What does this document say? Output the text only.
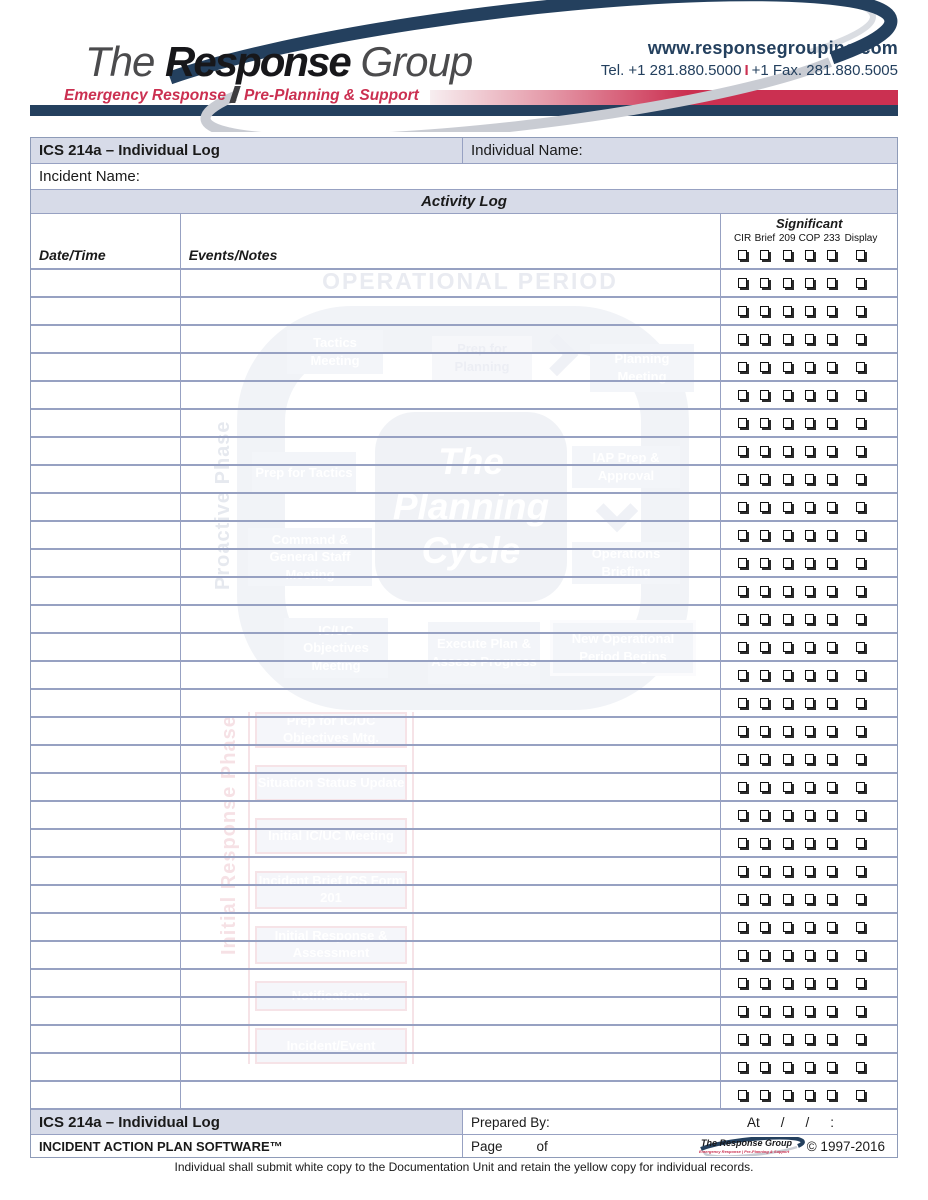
OPERATIONAL PERIOD
The Planning Cycle
Tactics Meeting
Prep for Planning
Planning Meeting
Prep for Tactics
IAP Prep & Approval
Command & General Staff Meeting
Operations Briefing
IC/UC Objectives Meeting
Execute Plan & Assess Progress
New Operational Period Begins
Proactive Phase
Initial Response Phase	Prep for IC/UC Objectives Mtg.
Situation Status Update
Initial IC/UC Meeting
Incident Brief ICS Form 201
Initial Response & Assessment
Notifications
Incident/Event
The Response Group
Emergency Response Pre-Planning & Support
www.responsegroupinc.com
Tel. +1 281.880.5000 I +1 Fax. 281.880.5005
ICS 214a – Individual Log	Individual Name:
Incident Name:
Activity Log
Date/Time	Events/Notes
Significant
CIR Brief 209 COP 233 Display
ICS 214a – Individual Log	Prepared By:	At / / :
INCIDENT ACTION PLAN SOFTWARE™	Page	of	The Response Group
Emergency Response | Pre-Planning & Support © 1997-2016
Individual shall submit white copy to the Documentation Unit and retain the yellow copy for individual records.
